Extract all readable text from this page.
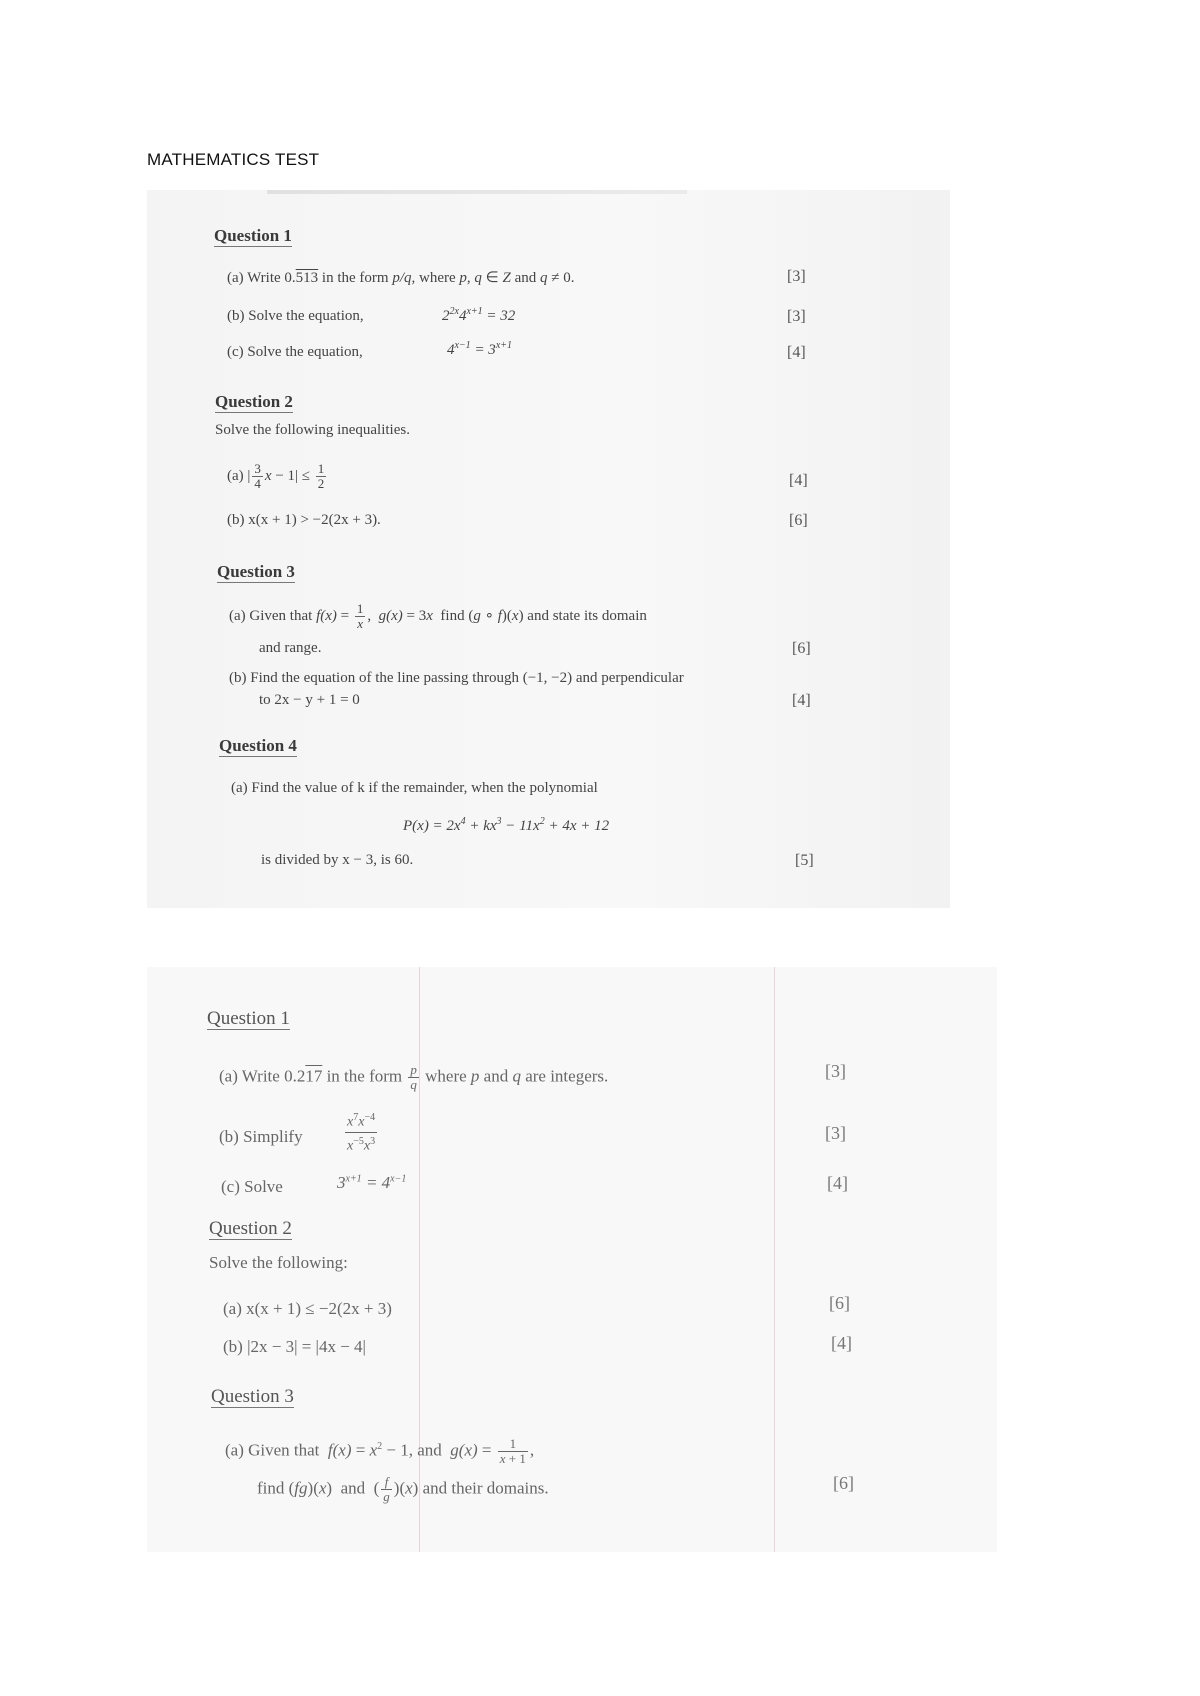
MATHEMATICS TEST
Question 1
(a) Write 0.513 in the form p/q, where p, q ∈ Z and q ≠ 0.	[3]
(b) Solve the equation,	$2^{2x}4^{x+1} = 32$	[3]
(c) Solve the equation,	$4^{x-1} = 3^{x+1}$	[4]
Question 2
Solve the following inequalities.
(a) | $\frac{3}{4}$ $x - 1| \le \frac{1}{2}$	[4]
(b) x(x + 1) > −2(2x + 3).	[6]
Question 3
(a) Given that $f(x) = \frac{1}{x}$ ,  g(x) = 3x  find (g ∘ f)(x) and state its domain
and range.	[6]
(b) Find the equation of the line passing through (−1, −2) and perpendicular
to 2x − y + 1 = 0	[4]
Question 4
(a) Find the value of k if the remainder, when the polynomial
$P(x) = 2x^4 + kx^3 - 11x^2 + 4x + 12$
is divided by x − 3, is 60.	[5]
Question 1
(a) Write 0.217 in the form $\frac{p}{q}$ where p and q are integers.	[3]
(b) Simplify	$\frac{x^7x^{-4}}{x^{-5}x^3}$	[3]
(c) Solve	$3^{x+1} = 4^{x-1}$	[4]
Question 2
Solve the following:
(a) x(x + 1) ≤ −2(2x + 3)	[6]
(b) |2x − 3| = |4x − 4|	[4]
Question 3
(a) Given that  $f(x) = x^2 - 1$, and  $g(x) = \frac{1}{x + 1}$ ,
find (fg)(x)  and  ( $\frac{f}{g} )(x)$ and their domains.	[6]
